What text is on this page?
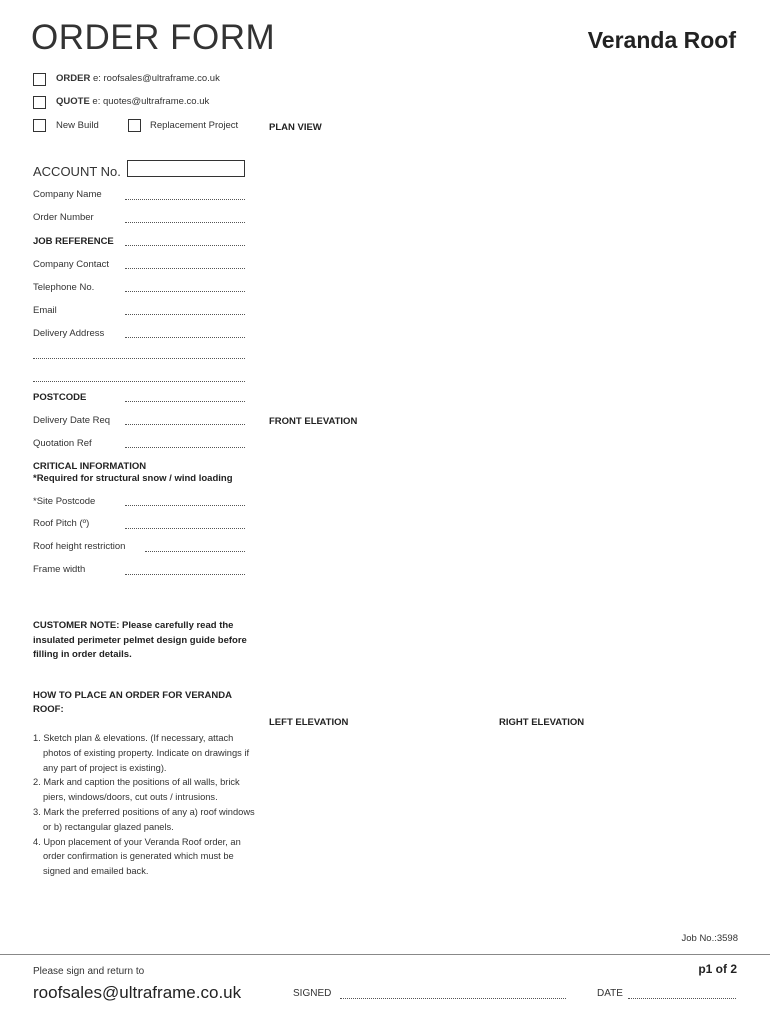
ORDER FORM	Veranda Roof
ORDER e: roofsales@ultraframe.co.uk
QUOTE e: quotes@ultraframe.co.uk
New Build	Replacement Project
ACCOUNT No.
Company Name
Order Number
JOB REFERENCE
Company Contact
Telephone No.
Email
Delivery Address
POSTCODE
Delivery Date Req
Quotation Ref
CRITICAL INFORMATION
*Required for structural snow / wind loading
*Site Postcode
Roof Pitch (º)
Roof height restriction
Frame width
CUSTOMER NOTE: Please carefully read the insulated perimeter pelmet design guide before filling in order details.
HOW TO PLACE AN ORDER FOR VERANDA ROOF:
1. Sketch plan & elevations. (If necessary, attach photos of existing property. Indicate on drawings if any part of project is existing).
2. Mark and caption the positions of all walls, brick piers, windows/doors, cut outs / intrusions.
3. Mark the preferred positions of any a) roof windows or b) rectangular glazed panels.
4. Upon placement of your Veranda Roof order, an order confirmation is generated which must be signed and emailed back.
PLAN VIEW
FRONT ELEVATION
LEFT ELEVATION	RIGHT ELEVATION
Job No.:3598
Please sign and return to
roofsales@ultraframe.co.uk	SIGNED	DATE
p1 of 2
